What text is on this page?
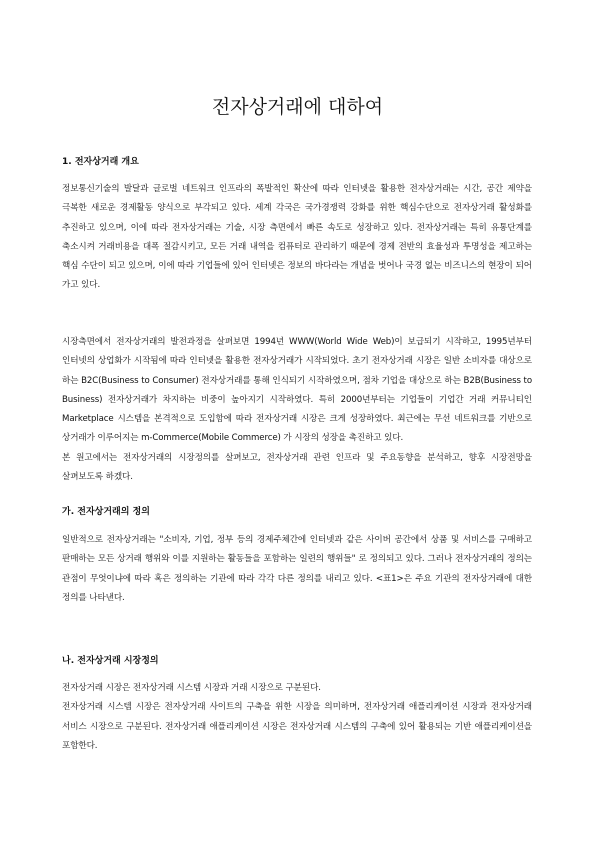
전자상거래에 대하여
1. 전자상거래 개요

정보통신기술의 발달과 글로벌 네트워크 인프라의 폭발적인 확산에 따라 인터넷을 활용한 전자상거래는 시간, 공간 제약을 극복한 새로운 경제활동 양식으로 부각되고 있다. 세계 각국은 국가경쟁력 강화를 위한 핵심수단으로 전자상거래 활성화를 추진하고 있으며, 이에 따라 전자상거래는 기술, 시장 측면에서 빠른 속도로 성장하고 있다. 전자상거래는 특히 유통단계를 축소시켜 거래비용을 대폭 절감시키고, 모든 거래 내역을 컴퓨터로 관리하기 때문에 경제 전반의 효율성과 투명성을 제고하는 핵심 수단이 되고 있으며, 이에 따라 기업들에 있어 인터넷은 정보의 바다라는 개념을 벗어나 국경 없는 비즈니스의 현장이 되어 가고 있다.

시장측면에서 전자상거래의 발전과정을 살펴보면 1994년 WWW(World Wide Web)이 보급되기 시작하고, 1995년부터 인터넷의 상업화가 시작됨에 따라 인터넷을 활용한 전자상거래가 시작되었다. 초기 전자상거래 시장은 일반 소비자를 대상으로 하는 B2C(Business to Consumer) 전자상거래를 통해 인식되기 시작하였으며, 점차 기업을 대상으로 하는 B2B(Business to Business) 전자상거래가 차지하는 비중이 높아지기 시작하였다. 특히 2000년부터는 기업들이 기업간 거래 커뮤니티인 Marketplace 시스템을 본격적으로 도입함에 따라 전자상거래 시장은 크게 성장하였다. 최근에는 무선 네트워크를 기반으로 상거래가 이루어지는 m-Commerce(Mobile Commerce) 가 시장의 성장을 촉진하고 있다.

본 원고에서는 전자상거래의 시장정의를 살펴보고, 전자상거래 관련 인프라 및 주요동향을 분석하고, 향후 시장전망을 살펴보도록 하겠다.

가. 전자상거래의 정의

일반적으로 전자상거래는 "소비자, 기업, 정부 등의 경제주체간에 인터넷과 같은 사이버 공간에서 상품 및 서비스를 구매하고 판매하는 모든 상거래 행위와 이를 지원하는 활동들을 포함하는 일련의 행위들" 로 정의되고 있다. 그러나 전자상거래의 정의는 관점이 무엇이냐에 따라 혹은 정의하는 기관에 따라 각각 다른 정의를 내리고 있다. <표1>은 주요 기관의 전자상거래에 대한 정의를 나타낸다.

나. 전자상거래 시장정의

전자상거래 시장은 전자상거래 시스템 시장과 거래 시장으로 구분된다.

전자상거래 시스템 시장은 전자상거래 사이트의 구축을 위한 시장을 의미하며, 전자상거래 애플리케이션 시장과 전자상거래 서비스 시장으로 구분된다. 전자상거래 애플리케이션 시장은 전자상거래 시스템의 구축에 있어 활용되는 기반 애플리케이션을 포함한다.
